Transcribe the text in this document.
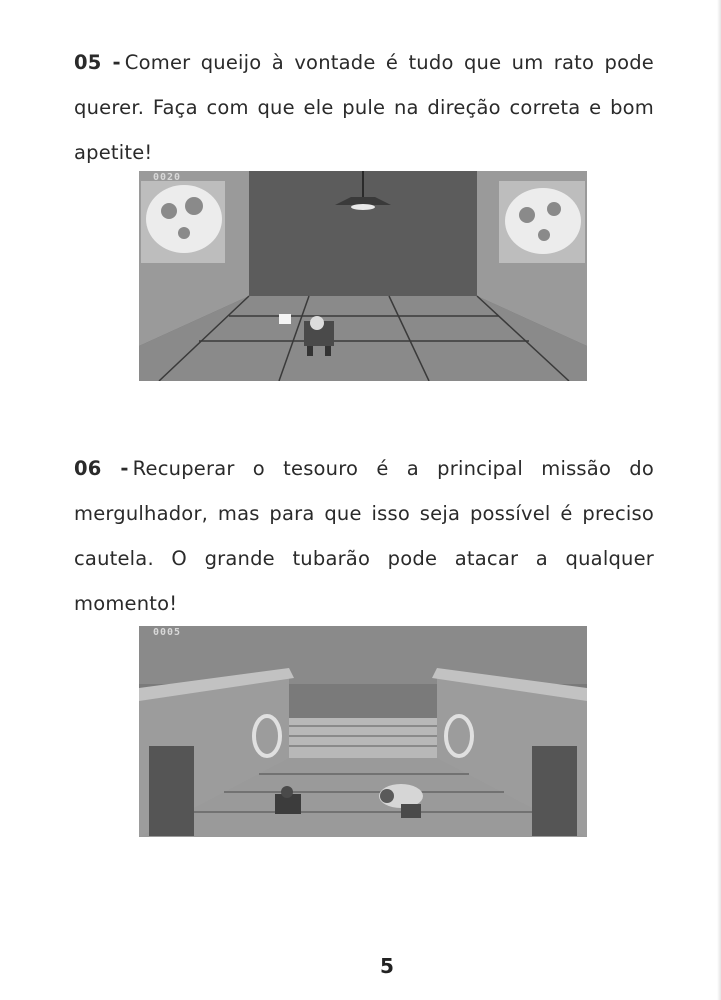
05 - Comer queijo à vontade é tudo que um rato pode querer. Faça com que ele pule na direção correta e bom apetite!

0020

06 - Recuperar o tesouro é a principal missão do mergulhador, mas para que isso seja possível é preciso cautela. O grande tubarão pode atacar a qualquer momento!

0005
5
